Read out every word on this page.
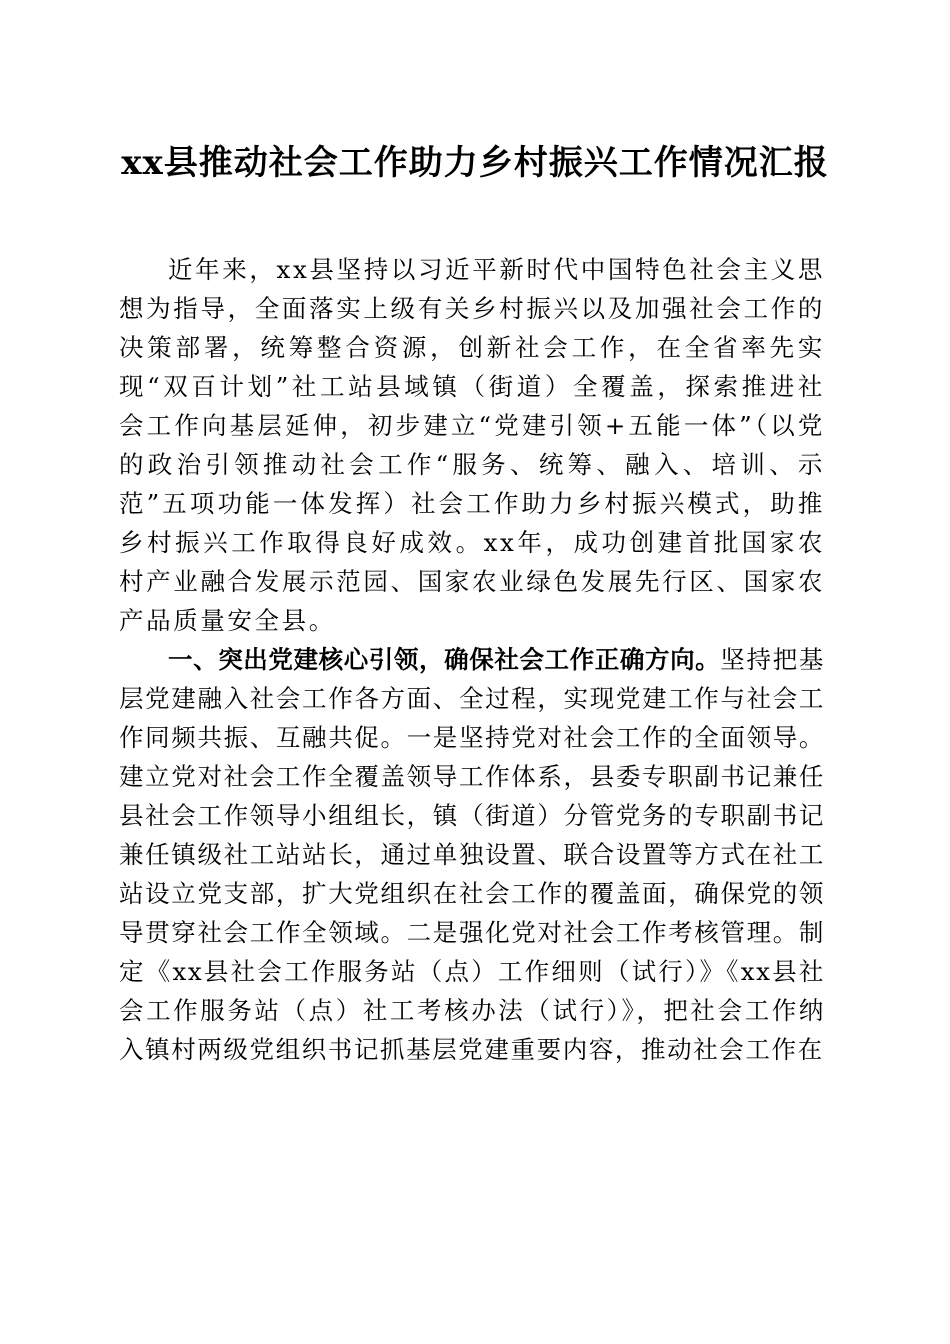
xx县推动社会工作助力乡村振兴工作情况汇报

近年来，xx县坚持以习近平新时代中国特色社会主义思想为指导，全面落实上级有关乡村振兴以及加强社会工作的决策部署，统筹整合资源，创新社会工作，在全省率先实现“双百计划”社工站县域镇（街道）全覆盖，探索推进社会工作向基层延伸，初步建立“党建引领+五能一体”（以党的政治引领推动社会工作“服务、统筹、融入、培训、示范”五项功能一体发挥）社会工作助力乡村振兴模式，助推乡村振兴工作取得良好成效。xx年，成功创建首批国家农村产业融合发展示范园、国家农业绿色发展先行区、国家农产品质量安全县。

一、突出党建核心引领，确保社会工作正确方向。坚持把基层党建融入社会工作各方面、全过程，实现党建工作与社会工作同频共振、互融共促。一是坚持党对社会工作的全面领导。建立党对社会工作全覆盖领导工作体系，县委专职副书记兼任县社会工作领导小组组长，镇（街道）分管党务的专职副书记兼任镇级社工站站长，通过单独设置、联合设置等方式在社工站设立党支部，扩大党组织在社会工作的覆盖面，确保党的领导贯穿社会工作全领域。二是强化党对社会工作考核管理。制定《xx县社会工作服务站（点）工作细则（试行）》《xx县社会工作服务站（点）社工考核办法（试行）》，把社会工作纳入镇村两级党组织书记抓基层党建重要内容，推动社会工作在
